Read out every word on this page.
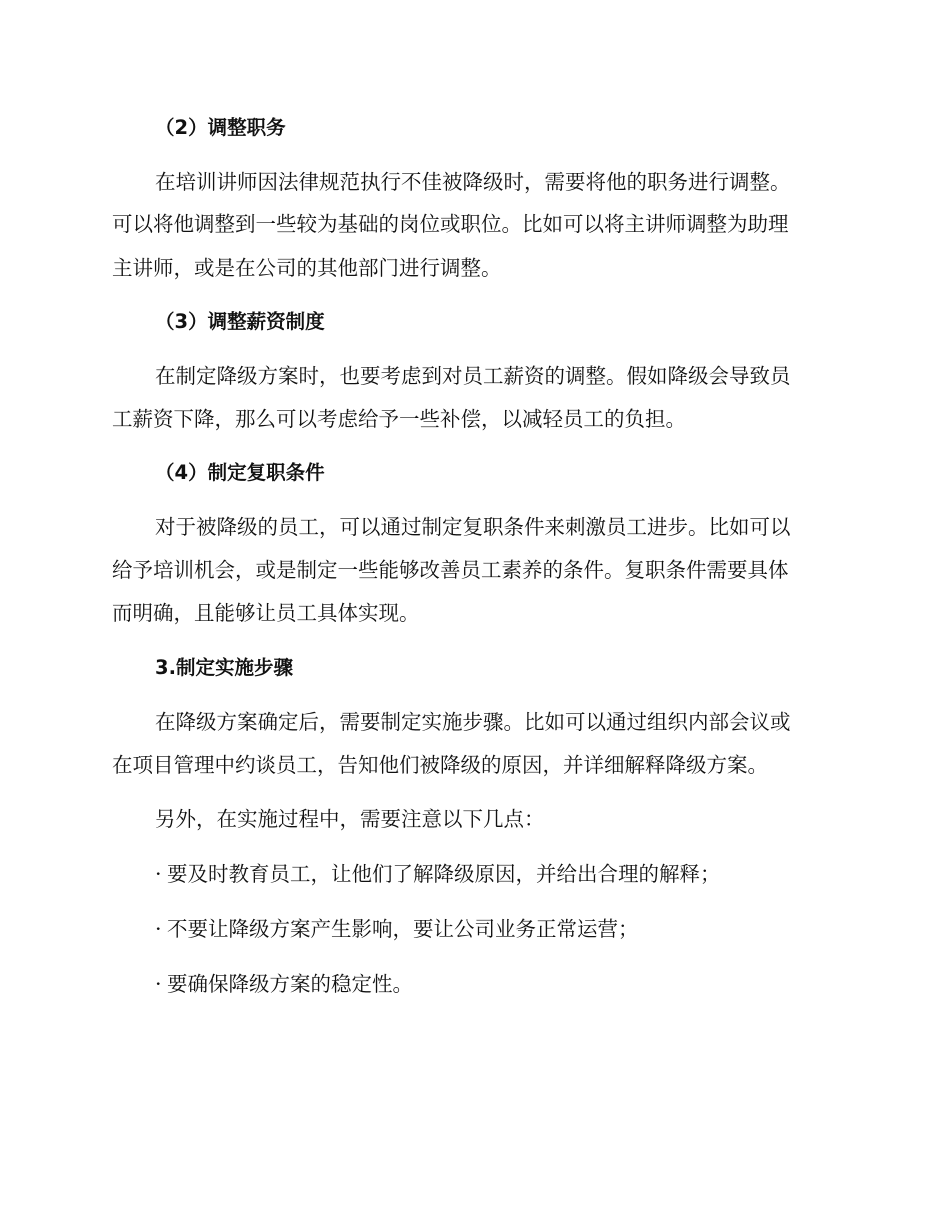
（2）调整职务
在培训讲师因法律规范执行不佳被降级时，需要将他的职务进行调整。
可以将他调整到一些较为基础的岗位或职位。比如可以将主讲师调整为助理
主讲师，或是在公司的其他部门进行调整。
（3）调整薪资制度
在制定降级方案时，也要考虑到对员工薪资的调整。假如降级会导致员
工薪资下降，那么可以考虑给予一些补偿，以减轻员工的负担。
（4）制定复职条件
对于被降级的员工，可以通过制定复职条件来刺激员工进步。比如可以
给予培训机会，或是制定一些能够改善员工素养的条件。复职条件需要具体
而明确，且能够让员工具体实现。
3.制定实施步骤
在降级方案确定后，需要制定实施步骤。比如可以通过组织内部会议或
在项目管理中约谈员工，告知他们被降级的原因，并详细解释降级方案。
另外，在实施过程中，需要注意以下几点：
· 要及时教育员工，让他们了解降级原因，并给出合理的解释；
· 不要让降级方案产生影响，要让公司业务正常运营；
· 要确保降级方案的稳定性。
